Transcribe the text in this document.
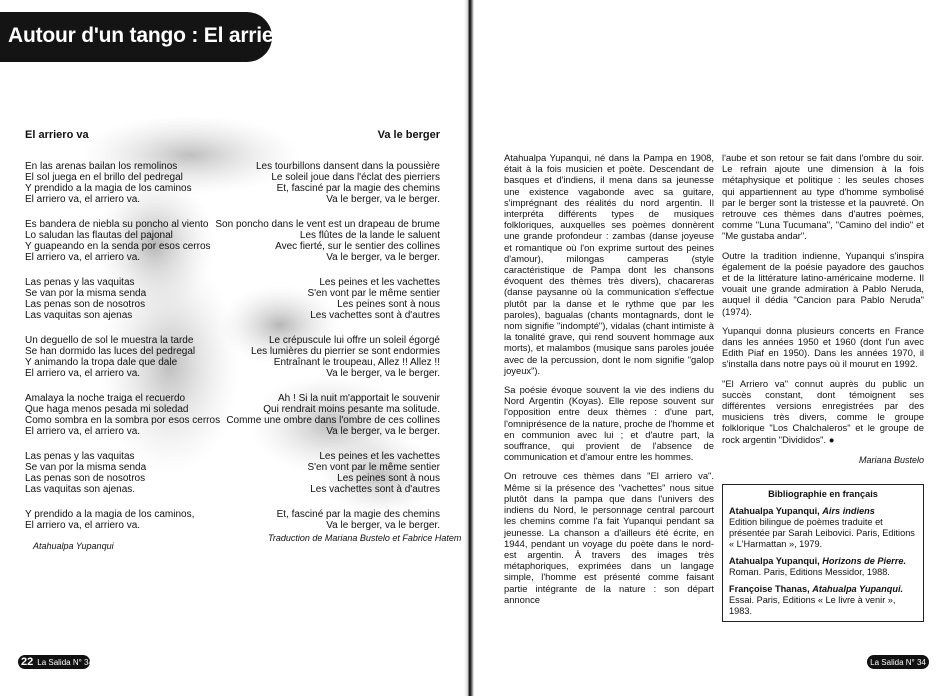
Autour d'un tango : El arriero va
El arriero va
En las arenas bailan los remolinos
El sol juega en el brillo del pedregal
Y prendido a la magia de los caminos
El arriero va, el arriero va.
Es bandera de niebla su poncho al viento
Lo saludan las flautas del pajonal
Y guapeando en la senda por esos cerros
El arriero va, el arriero va.
Las penas y las vaquitas
Se van por la misma senda
Las penas son de nosotros
Las vaquitas son ajenas
Un deguello de sol le muestra la tarde
Se han dormido las luces del pedregal
Y animando la tropa dale que dale
El arriero va, el arriero va.
Amalaya la noche traiga el recuerdo
Que haga menos pesada mi soledad
Como sombra en la sombra por esos cerros
El arriero va, el arriero va.
Las penas y las vaquitas
Se van por la misma senda
Las penas son de nosotros
Las vaquitas son ajenas.
Y prendido a la magia de los caminos,
El arriero va, el arriero va.
Va le berger
Les tourbillons dansent dans la poussière
Le soleil joue dans l'éclat des pierriers
Et, fasciné par la magie des chemins
Va le berger, va le berger.
Son poncho dans le vent est un drapeau de brume
Les flûtes de la lande le saluent
Avec fierté, sur le sentier des collines
Va le berger, va le berger.
Les peines et les vachettes
S'en vont par le même sentier
Les peines sont à nous
Les vachettes sont à d'autres
Le crépuscule lui offre un soleil égorgé
Les lumières du pierrier se sont endormies
Entraînant le troupeau, Allez !! Allez !!
Va le berger, va le berger.
Ah ! Si la nuit m'apportait le souvenir
Qui rendrait moins pesante ma solitude.
Comme une ombre dans l'ombre de ces collines
Va le berger, va le berger.
Les peines et les vachettes
S'en vont par le même sentier
Les peines sont à nous
Les vachettes sont à d'autres
Et, fasciné par la magie des chemins
Va le berger, va le berger.
Atahualpa Yupanqui
Traduction de Mariana Bustelo et Fabrice Hatem
22 La Salida N° 34

Atahualpa Yupanqui, né dans la Pampa en 1908, était à la fois musicien et poète. Descendant de basques et d'indiens, il mena dans sa jeunesse une existence vagabonde avec sa guitare, s'imprégnant des réalités du nord argentin. Il interpréta différents types de musiques folkloriques, auxquelles ses poèmes donnèrent une grande profondeur : zambas (danse joyeuse et romantique où l'on exprime surtout des peines d'amour), milongas camperas (style caractéristique de Pampa dont les chansons évoquent des thèmes très divers), chacareras (danse paysanne où la communication s'effectue plutôt par la danse et le rythme que par les paroles), bagualas (chants montagnards, dont le nom signifie "indompté"), vidalas (chant intimiste à la tonalité grave, qui rend souvent hommage aux morts), et malambos (musique sans paroles jouée avec de la percussion, dont le nom signifie "galop joyeux").

Sa poésie évoque souvent la vie des indiens du Nord Argentin (Koyas). Elle repose souvent sur l'opposition entre deux thèmes : d'une part, l'omniprésence de la nature, proche de l'homme et en communion avec lui ; et d'autre part, la souffrance, qui provient de l'absence de communication et d'amour entre les hommes.

On retrouve ces thèmes dans "El arriero va". Même si la présence des "vachettes" nous situe plutôt dans la pampa que dans l'univers des indiens du Nord, le personnage central parcourt les chemins comme l'a fait Yupanqui pendant sa jeunesse. La chanson a d'ailleurs été écrite, en 1944, pendant un voyage du poète dans le nord-est argentin. À travers des images très métaphoriques, exprimées dans un langage simple, l'homme est présenté comme faisant partie intégrante de la nature : son départ annonce

l'aube et son retour se fait dans l'ombre du soir. Le refrain ajoute une dimension à la fois métaphysique et politique : les seules choses qui appartiennent au type d'homme symbolisé par le berger sont la tristesse et la pauvreté. On retrouve ces thèmes dans d'autres poèmes, comme "Luna Tucumana", "Camino del indio" et "Me gustaba andar".

Outre la tradition indienne, Yupanqui s'inspira également de la poésie payadore des gauchos et de la littérature latino-américaine moderne. Il vouait une grande admiration à Pablo Neruda, auquel il dédia "Cancion para Pablo Neruda" (1974).

Yupanqui donna plusieurs concerts en France dans les années 1950 et 1960 (dont l'un avec Edith Piaf en 1950). Dans les années 1970, il s'installa dans notre pays où il mourut en 1992.

"El Arriero va" connut auprès du public un succès constant, dont témoignent ses différentes versions enregistrées par des musiciens très divers, comme le groupe folklorique "Los Chalchaleros" et le groupe de rock argentin "Divididos". ●

Mariana Bustelo
Bibliographie en français
Atahualpa Yupanqui, Airs indiens
Edition bilingue de poèmes traduite et présentée par Sarah Leibovici. Paris, Editions « L'Harmattan », 1979.
Atahualpa Yupanqui, Horizons de Pierre.
Roman. Paris, Editions Messidor, 1988.
Françoise Thanas, Atahualpa Yupanqui.
Essai. Paris, Editions « Le livre à venir », 1983.
La Salida N° 34
